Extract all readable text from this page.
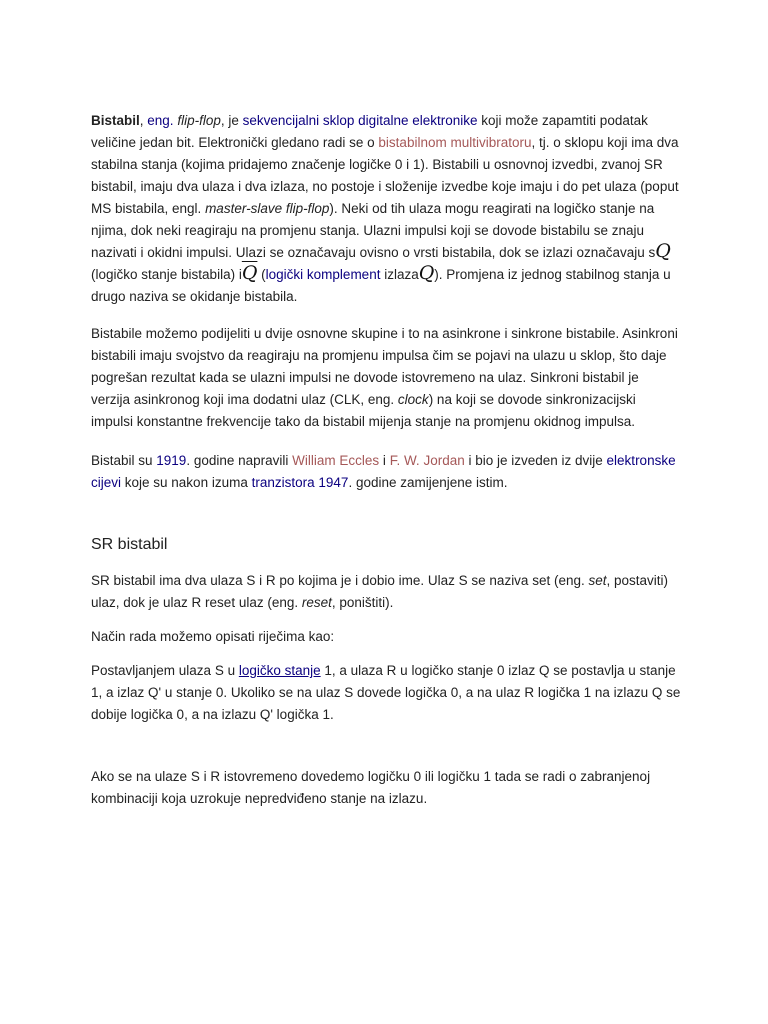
Bistabil, eng. flip-flop, je sekvencijalni sklop digitalne elektronike koji može zapamtiti podatak veličine jedan bit. Elektronički gledano radi se o bistabilnom multivibratoru, tj. o sklopu koji ima dva stabilna stanja (kojima pridajemo značenje logičke 0 i 1). Bistabili u osnovnoj izvedbi, zvanoj SR bistabil, imaju dva ulaza i dva izlaza, no postoje i složenije izvedbe koje imaju i do pet ulaza (poput MS bistabila, engl. master-slave flip-flop). Neki od tih ulaza mogu reagirati na logičko stanje na njima, dok neki reagiraju na promjenu stanja. Ulazni impulsi koji se dovode bistabilu se znaju nazivati i okidni impulsi. Ulazi se označavaju ovisno o vrsti bistabila, dok se izlazi označavaju sQ (logičko stanje bistabila) $i\overline{Q}$ (logički komplement izlazaQ). Promjena iz jednog stabilnog stanja u drugo naziva se okidanje bistabila.

Bistabile možemo podijeliti u dvije osnovne skupine i to na asinkrone i sinkrone bistabile. Asinkroni bistabili imaju svojstvo da reagiraju na promjenu impulsa čim se pojavi na ulazu u sklop, što daje pogrešan rezultat kada se ulazni impulsi ne dovode istovremeno na ulaz. Sinkroni bistabil je verzija asinkronog koji ima dodatni ulaz (CLK, eng. clock) na koji se dovode sinkronizacijski impulsi konstantne frekvencije tako da bistabil mijenja stanje na promjenu okidnog impulsa.

Bistabil su 1919. godine napravili William Eccles i F. W. Jordan i bio je izveden iz dvije elektronske cijevi koje su nakon izuma tranzistora 1947. godine zamijenjene istim.

SR bistabil

SR bistabil ima dva ulaza S i R po kojima je i dobio ime. Ulaz S se naziva set (eng. set, postaviti) ulaz, dok je ulaz R reset ulaz (eng. reset, poništiti).

Način rada možemo opisati riječima kao:

Postavljanjem ulaza S u logičko stanje 1, a ulaza R u logičko stanje 0 izlaz Q se postavlja u stanje 1, a izlaz Q' u stanje 0. Ukoliko se na ulaz S dovede logička 0, a na ulaz R logička 1 na izlazu Q se dobije logička 0, a na izlazu Q' logička 1.

Ako se na ulaze S i R istovremeno dovedemo logičku 0 ili logičku 1 tada se radi o zabranjenoj kombinaciji koja uzrokuje nepredviđeno stanje na izlazu.
